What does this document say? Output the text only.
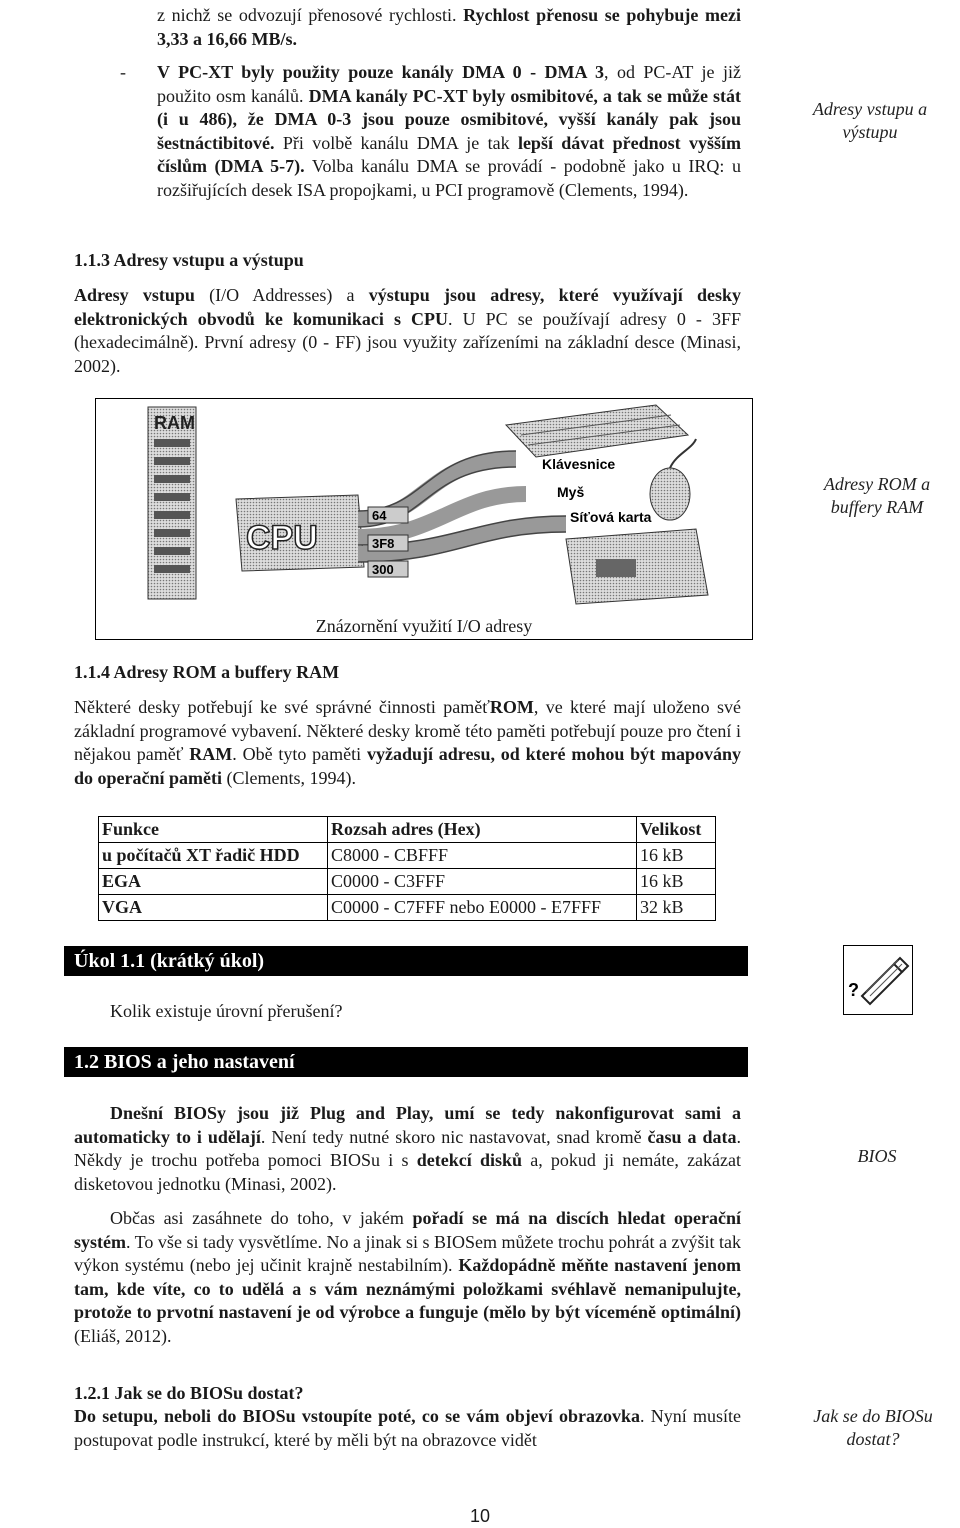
z nichž se odvozují přenosové rychlosti. Rychlost přenosu se pohybuje mezi 3,33 a 16,66 MB/s.
-	V PC-XT byly použity pouze kanály DMA 0 - DMA 3, od PC-AT je již použito osm kanálů. DMA kanály PC-XT byly osmibitové, a tak se může stát (i u 486), že DMA 0-3 jsou pouze osmibitové, vyšší kanály pak jsou šestnáctibitové. Při volbě kanálu DMA je tak lepší dávat přednost vyšším číslům (DMA 5-7). Volba kanálu DMA se provádí - podobně jako u IRQ: u rozšiřujících desek ISA propojkami, u PCI programově (Clements, 1994).
Adresy vstupu a výstupu
1.1.3 Adresy vstupu a výstupu
Adresy vstupu (I/O Addresses) a výstupu jsou adresy, které využívají desky elektronických obvodů ke komunikaci s CPU. U PC se používají adresy 0 - 3FF (hexadecimálně). První adresy (0 - FF) jsou využity zařízeními na základní desce (Minasi, 2002).
RAM
CPU
64
3F8
300
Klávesnice
Myš
Síťová karta
Znázornění využití I/O adresy
Adresy ROM a buffery RAM
1.1.4 Adresy ROM a buffery RAM
Některé desky potřebují ke své správné činnosti paměťROM, ve které mají uloženo své základní programové vybavení. Některé desky kromě této paměti potřebují pouze pro čtení i nějakou paměť RAM. Obě tyto paměti vyžadují adresu, od které mohou být mapovány do operační paměti (Clements, 1994).
Funkce	Rozsah adres (Hex)	Velikost
u počítačů XT řadič HDD	C8000 - CBFFF	16 kB
EGA	C0000 - C3FFF	16 kB
VGA	C0000 - C7FFF nebo E0000 - E7FFF	32 kB
Úkol 1.1 (krátký úkol)
?
Kolik existuje úrovní přerušení?
1.2 BIOS a jeho nastavení
Dnešní BIOSy jsou již Plug and Play, umí se tedy nakonfigurovat sami a automaticky to i udělají. Není tedy nutné skoro nic nastavovat, snad kromě času a data. Někdy je trochu potřeba pomoci BIOSu i s detekcí disků a, pokud ji nemáte, zakázat disketovou jednotku (Minasi, 2002).
BIOS
Občas asi zasáhnete do toho, v jakém pořadí se má na discích hledat operační systém. To vše si tady vysvětlíme. No a jinak si s BIOSem můžete trochu pohrát a zvýšit tak výkon systému (nebo jej učinit krajně nestabilním). Každopádně měňte nastavení jenom tam, kde víte, co to udělá a s vám neznámými položkami svéhlavě nemanipulujte, protože to prvotní nastavení je od výrobce a funguje (mělo by být víceméně optimální) (Eliáš, 2012).
1.2.1 Jak se do BIOSu dostat?
Do setupu, neboli do BIOSu vstoupíte poté, co se vám objeví obrazovka. Nyní musíte postupovat podle instrukcí, které by měli být na obrazovce vidět
Jak se do BIOSu dostat?
10
